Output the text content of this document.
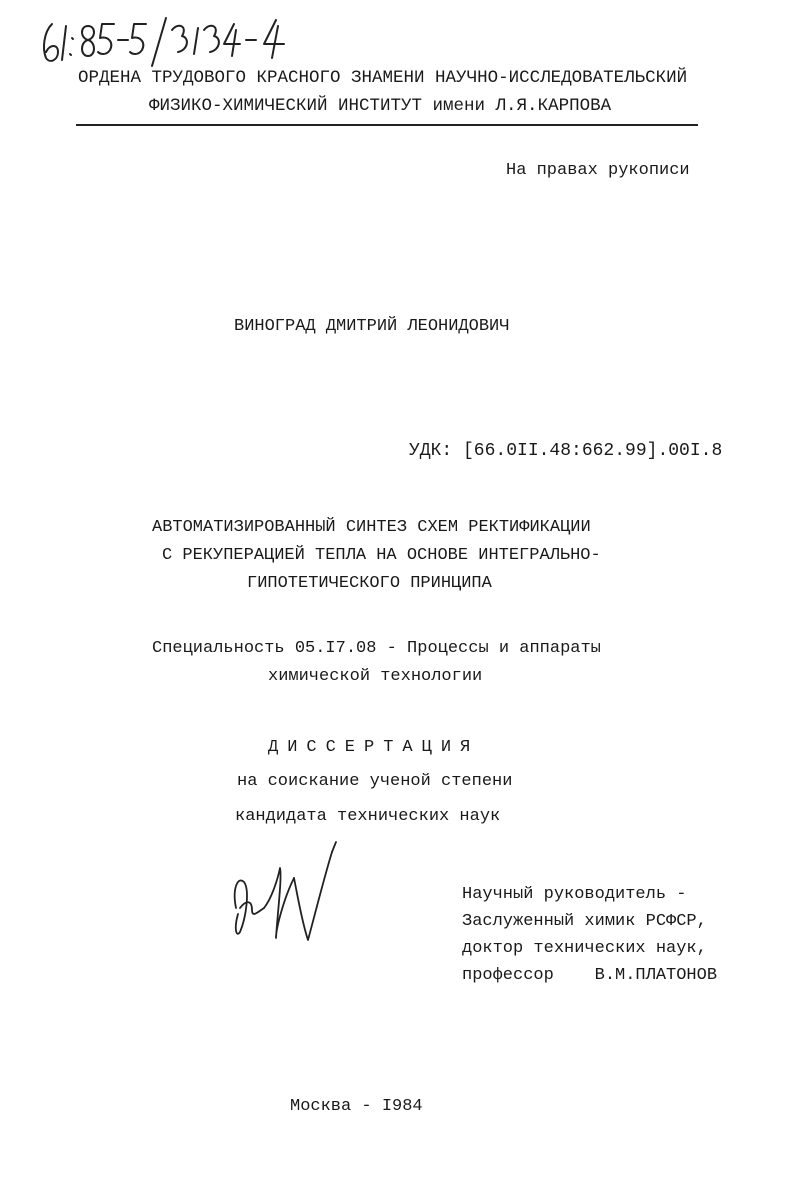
ОРДЕНА ТРУДОВОГО КРАСНОГО ЗНАМЕНИ НАУЧНО-ИССЛЕДОВАТЕЛЬСКИЙ
ФИЗИКО-ХИМИЧЕСКИЙ ИНСТИТУТ имени Л.Я.КАРПОВА
На правах рукописи
ВИНОГРАД ДМИТРИЙ ЛЕОНИДОВИЧ
УДК: [66.0II.48:662.99].00I.8
АВТОМАТИЗИРОВАННЫЙ СИНТЕЗ СХЕМ РЕКТИФИКАЦИИ
С РЕКУПЕРАЦИЕЙ ТЕПЛА НА ОСНОВЕ ИНТЕГРАЛЬНО-
ГИПОТЕТИЧЕСКОГО ПРИНЦИПА
Специальность 05.I7.08 - Процессы и аппараты
химической технологии
ДИССЕРТАЦИЯ
на соискание ученой степени
кандидата технических наук
Научный руководитель -
Заслуженный химик РСФСР,
доктор технических наук,
профессор    В.М.ПЛАТОНОВ
Москва - I984
